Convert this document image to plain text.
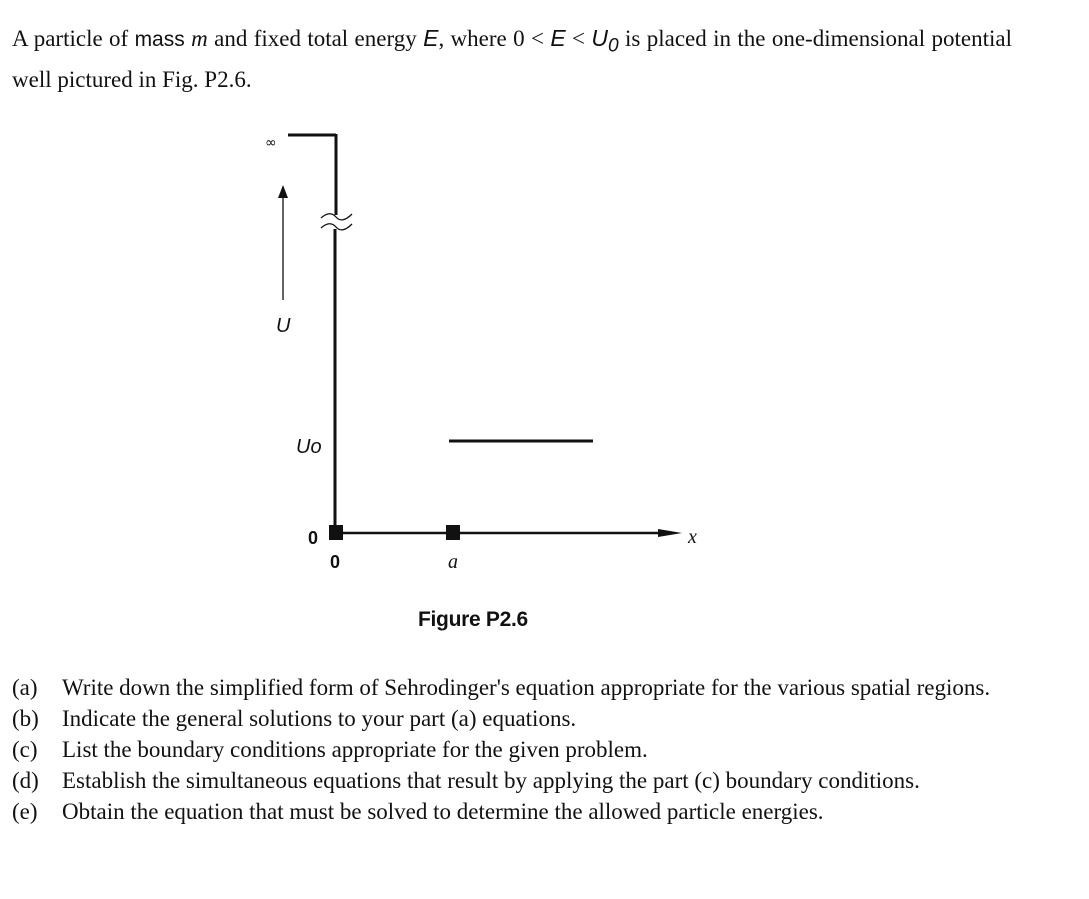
A particle of mass m and fixed total energy E, where $0 < E < U_0$ is placed in the one-dimensional potential well pictured in Fig. P2.6.
∞
U
Uo
0
0	a
x
Figure P2.6
(a)	Write down the simplified form of Sehrodinger's equation appropriate for the various spatial regions.
(b)	Indicate the general solutions to your part (a) equations.
(c)	List the boundary conditions appropriate for the given problem.
(d)	Establish the simultaneous equations that result by applying the part (c) boundary conditions.
(e)	Obtain the equation that must be solved to determine the allowed particle energies.
